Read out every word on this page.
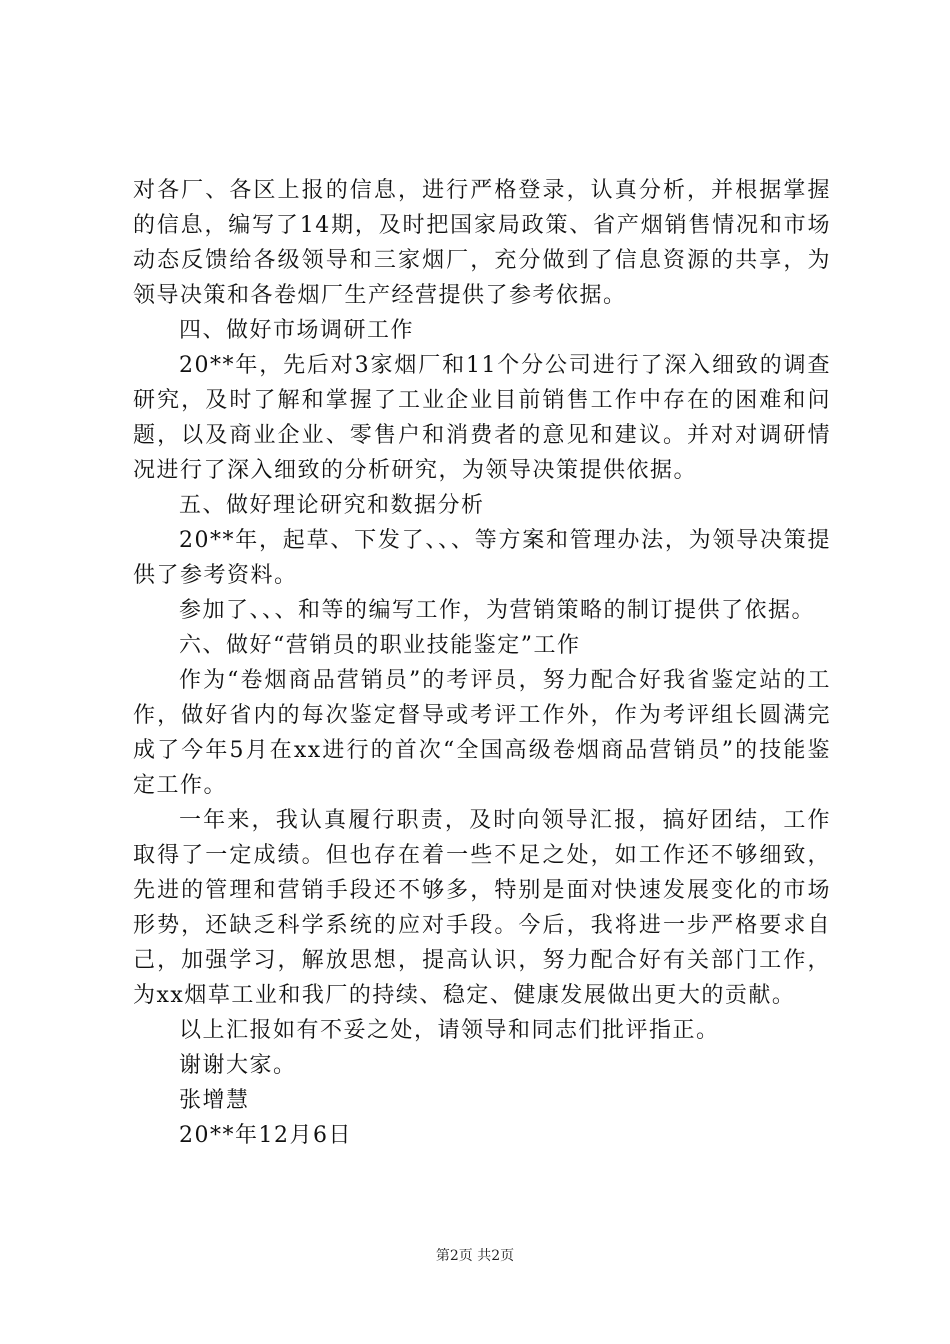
对各厂、各区上报的信息，进行严格登录，认真分析，并根据掌握的信息，编写了14期，及时把国家局政策、省产烟销售情况和市场动态反馈给各级领导和三家烟厂，充分做到了信息资源的共享，为领导决策和各卷烟厂生产经营提供了参考依据。

四、做好市场调研工作

20**年，先后对3家烟厂和11个分公司进行了深入细致的调查研究，及时了解和掌握了工业企业目前销售工作中存在的困难和问题，以及商业企业、零售户和消费者的意见和建议。并对对调研情况进行了深入细致的分析研究，为领导决策提供依据。

五、做好理论研究和数据分析

20**年，起草、下发了、、、等方案和管理办法，为领导决策提供了参考资料。

参加了、、、和等的编写工作，为营销策略的制订提供了依据。

六、做好“营销员的职业技能鉴定”工作

作为“卷烟商品营销员”的考评员，努力配合好我省鉴定站的工作，做好省内的每次鉴定督导或考评工作外，作为考评组长圆满完成了今年5月在xx进行的首次“全国高级卷烟商品营销员”的技能鉴定工作。

一年来，我认真履行职责，及时向领导汇报，搞好团结，工作取得了一定成绩。但也存在着一些不足之处，如工作还不够细致，先进的管理和营销手段还不够多，特别是面对快速发展变化的市场形势，还缺乏科学系统的应对手段。今后，我将进一步严格要求自己，加强学习，解放思想，提高认识，努力配合好有关部门工作，为xx烟草工业和我厂的持续、稳定、健康发展做出更大的贡献。

以上汇报如有不妥之处，请领导和同志们批评指正。

谢谢大家。

张增慧

20**年12月6日

第2页 共2页
